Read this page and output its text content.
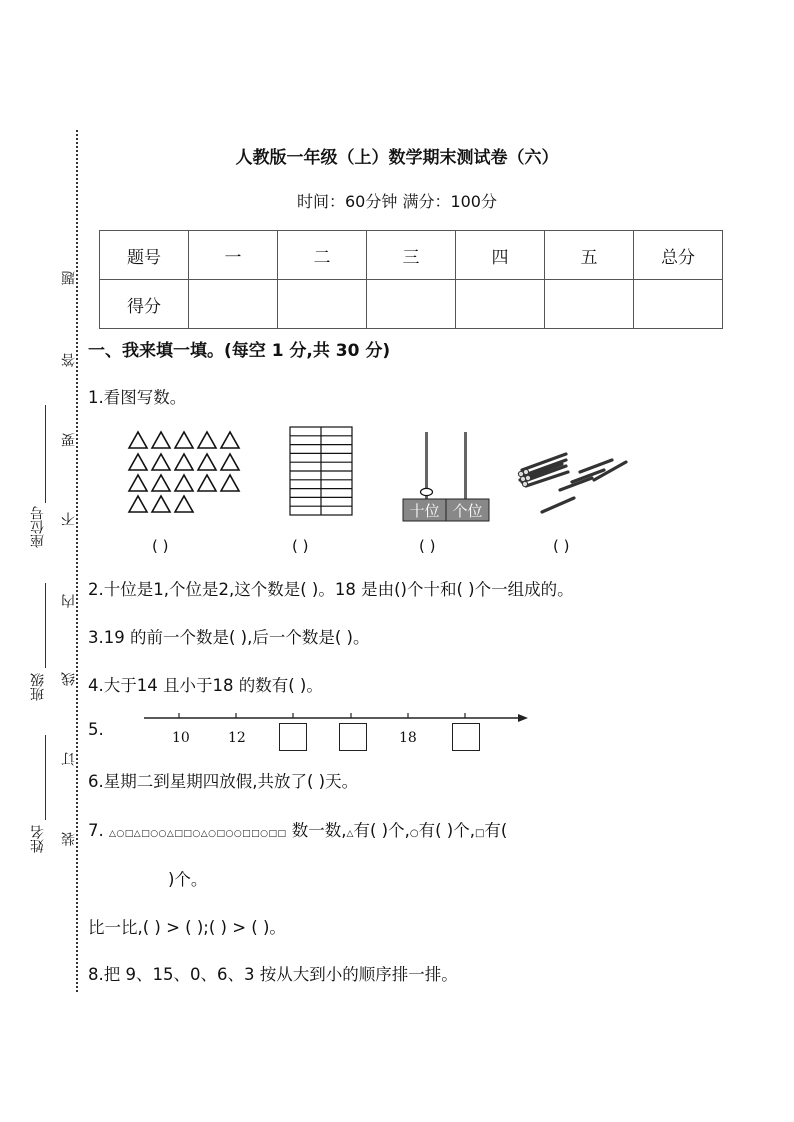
题
答
要
不
内
线
订
装
座位号
班级
姓名
人教版一年级（上）数学期末测试卷（六）
时间：60分钟 满分：100分
题号	一	二	三	四	五	总分
得分						
一、我来填一填。(每空 1 分,共 30 分)
1.看图写数。
十位 个位
( )	( )	( )	( )
2.十位是1,个位是2,这个数是( )。18 是由()个十和( )个一组成的。
3.19 的前一个数是( ),后一个数是( )。
4.大于14 且小于18 的数有( )。
5.	10	12	18
6.星期二到星期四放假,共放了( )天。
7. △○□△□○○△□□○△○□○○□□○□□ 数一数,△有( )个,○有( )个,□有(
)个。
比一比,( ) > ( );( ) > ( )。
8.把 9、15、0、6、3 按从大到小的顺序排一排。
